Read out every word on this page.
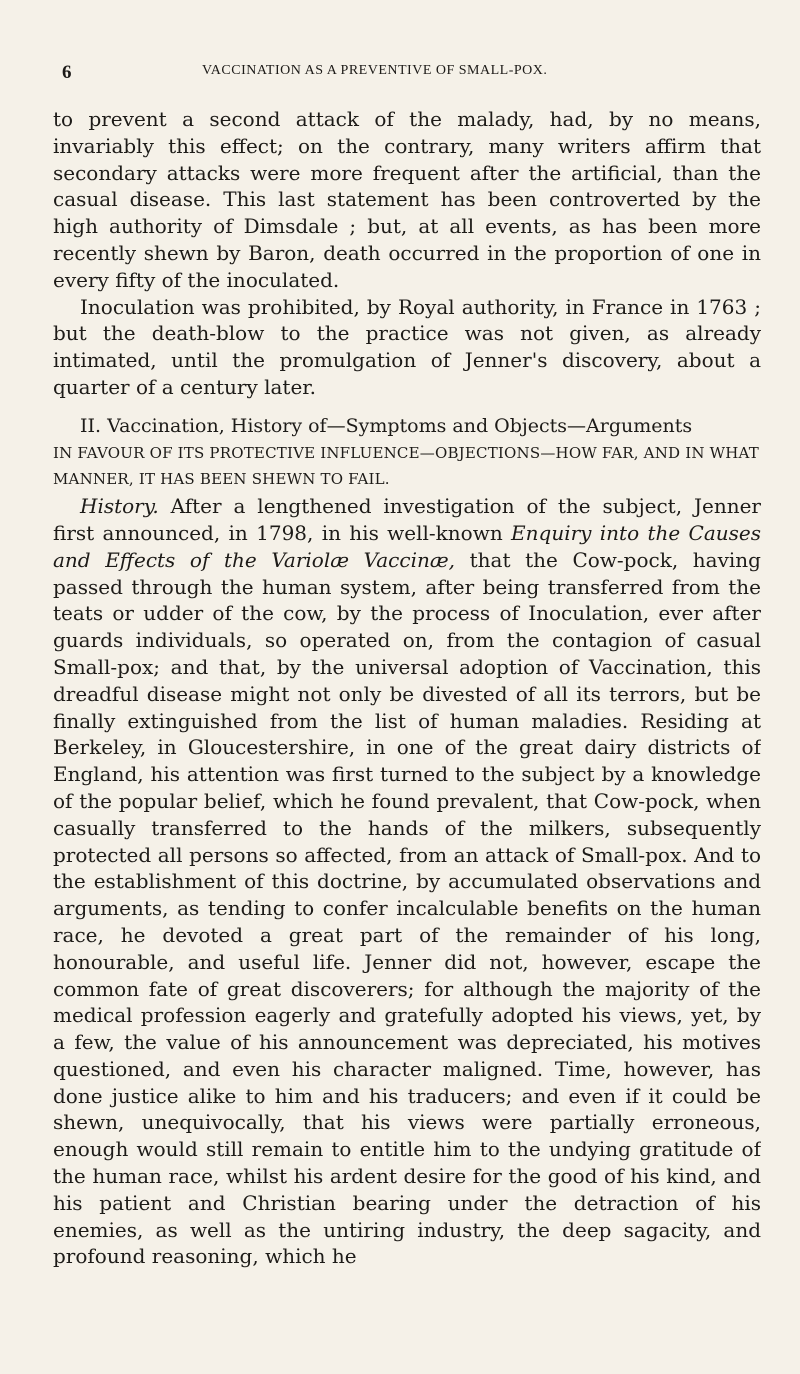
6	VACCINATION AS A PREVENTIVE OF SMALL-POX.

to prevent a second attack of the malady, had, by no means, invariably this effect; on the contrary, many writers affirm that secondary attacks were more frequent after the artificial, than the casual disease. This last statement has been controverted by the high authority of Dimsdale ; but, at all events, as has been more recently shewn by Baron, death occurred in the proportion of one in every fifty of the inoculated.

Inoculation was prohibited, by Royal authority, in France in 1763 ; but the death-blow to the practice was not given, as already intimated, until the promulgation of Jenner's discovery, about a quarter of a century later.

II. Vaccination, History of—Symptoms and Objects—Arguments

IN FAVOUR OF ITS PROTECTIVE INFLUENCE—OBJECTIONS—HOW FAR, AND IN WHAT MANNER, IT HAS BEEN SHEWN TO FAIL.

History. After a lengthened investigation of the subject, Jenner first announced, in 1798, in his well-known Enquiry into the Causes and Effects of the Variolæ Vaccinæ, that the Cow-pock, having passed through the human system, after being transferred from the teats or udder of the cow, by the process of Inoculation, ever after guards individuals, so operated on, from the contagion of casual Small-pox; and that, by the universal adoption of Vaccination, this dreadful disease might not only be divested of all its terrors, but be finally extinguished from the list of human maladies. Residing at Berkeley, in Gloucestershire, in one of the great dairy districts of England, his attention was first turned to the subject by a knowledge of the popular belief, which he found prevalent, that Cow-pock, when casually transferred to the hands of the milkers, subsequently protected all persons so affected, from an attack of Small-pox. And to the establishment of this doctrine, by accumulated observations and arguments, as tending to confer incalculable benefits on the human race, he devoted a great part of the remainder of his long, honourable, and useful life. Jenner did not, however, escape the common fate of great discoverers; for although the majority of the medical profession eagerly and gratefully adopted his views, yet, by a few, the value of his announcement was depreciated, his motives questioned, and even his character maligned. Time, however, has done justice alike to him and his traducers; and even if it could be shewn, unequivocally, that his views were partially erroneous, enough would still remain to entitle him to the undying gratitude of the human race, whilst his ardent desire for the good of his kind, and his patient and Christian bearing under the detraction of his enemies, as well as the untiring industry, the deep sagacity, and profound reasoning, which he
